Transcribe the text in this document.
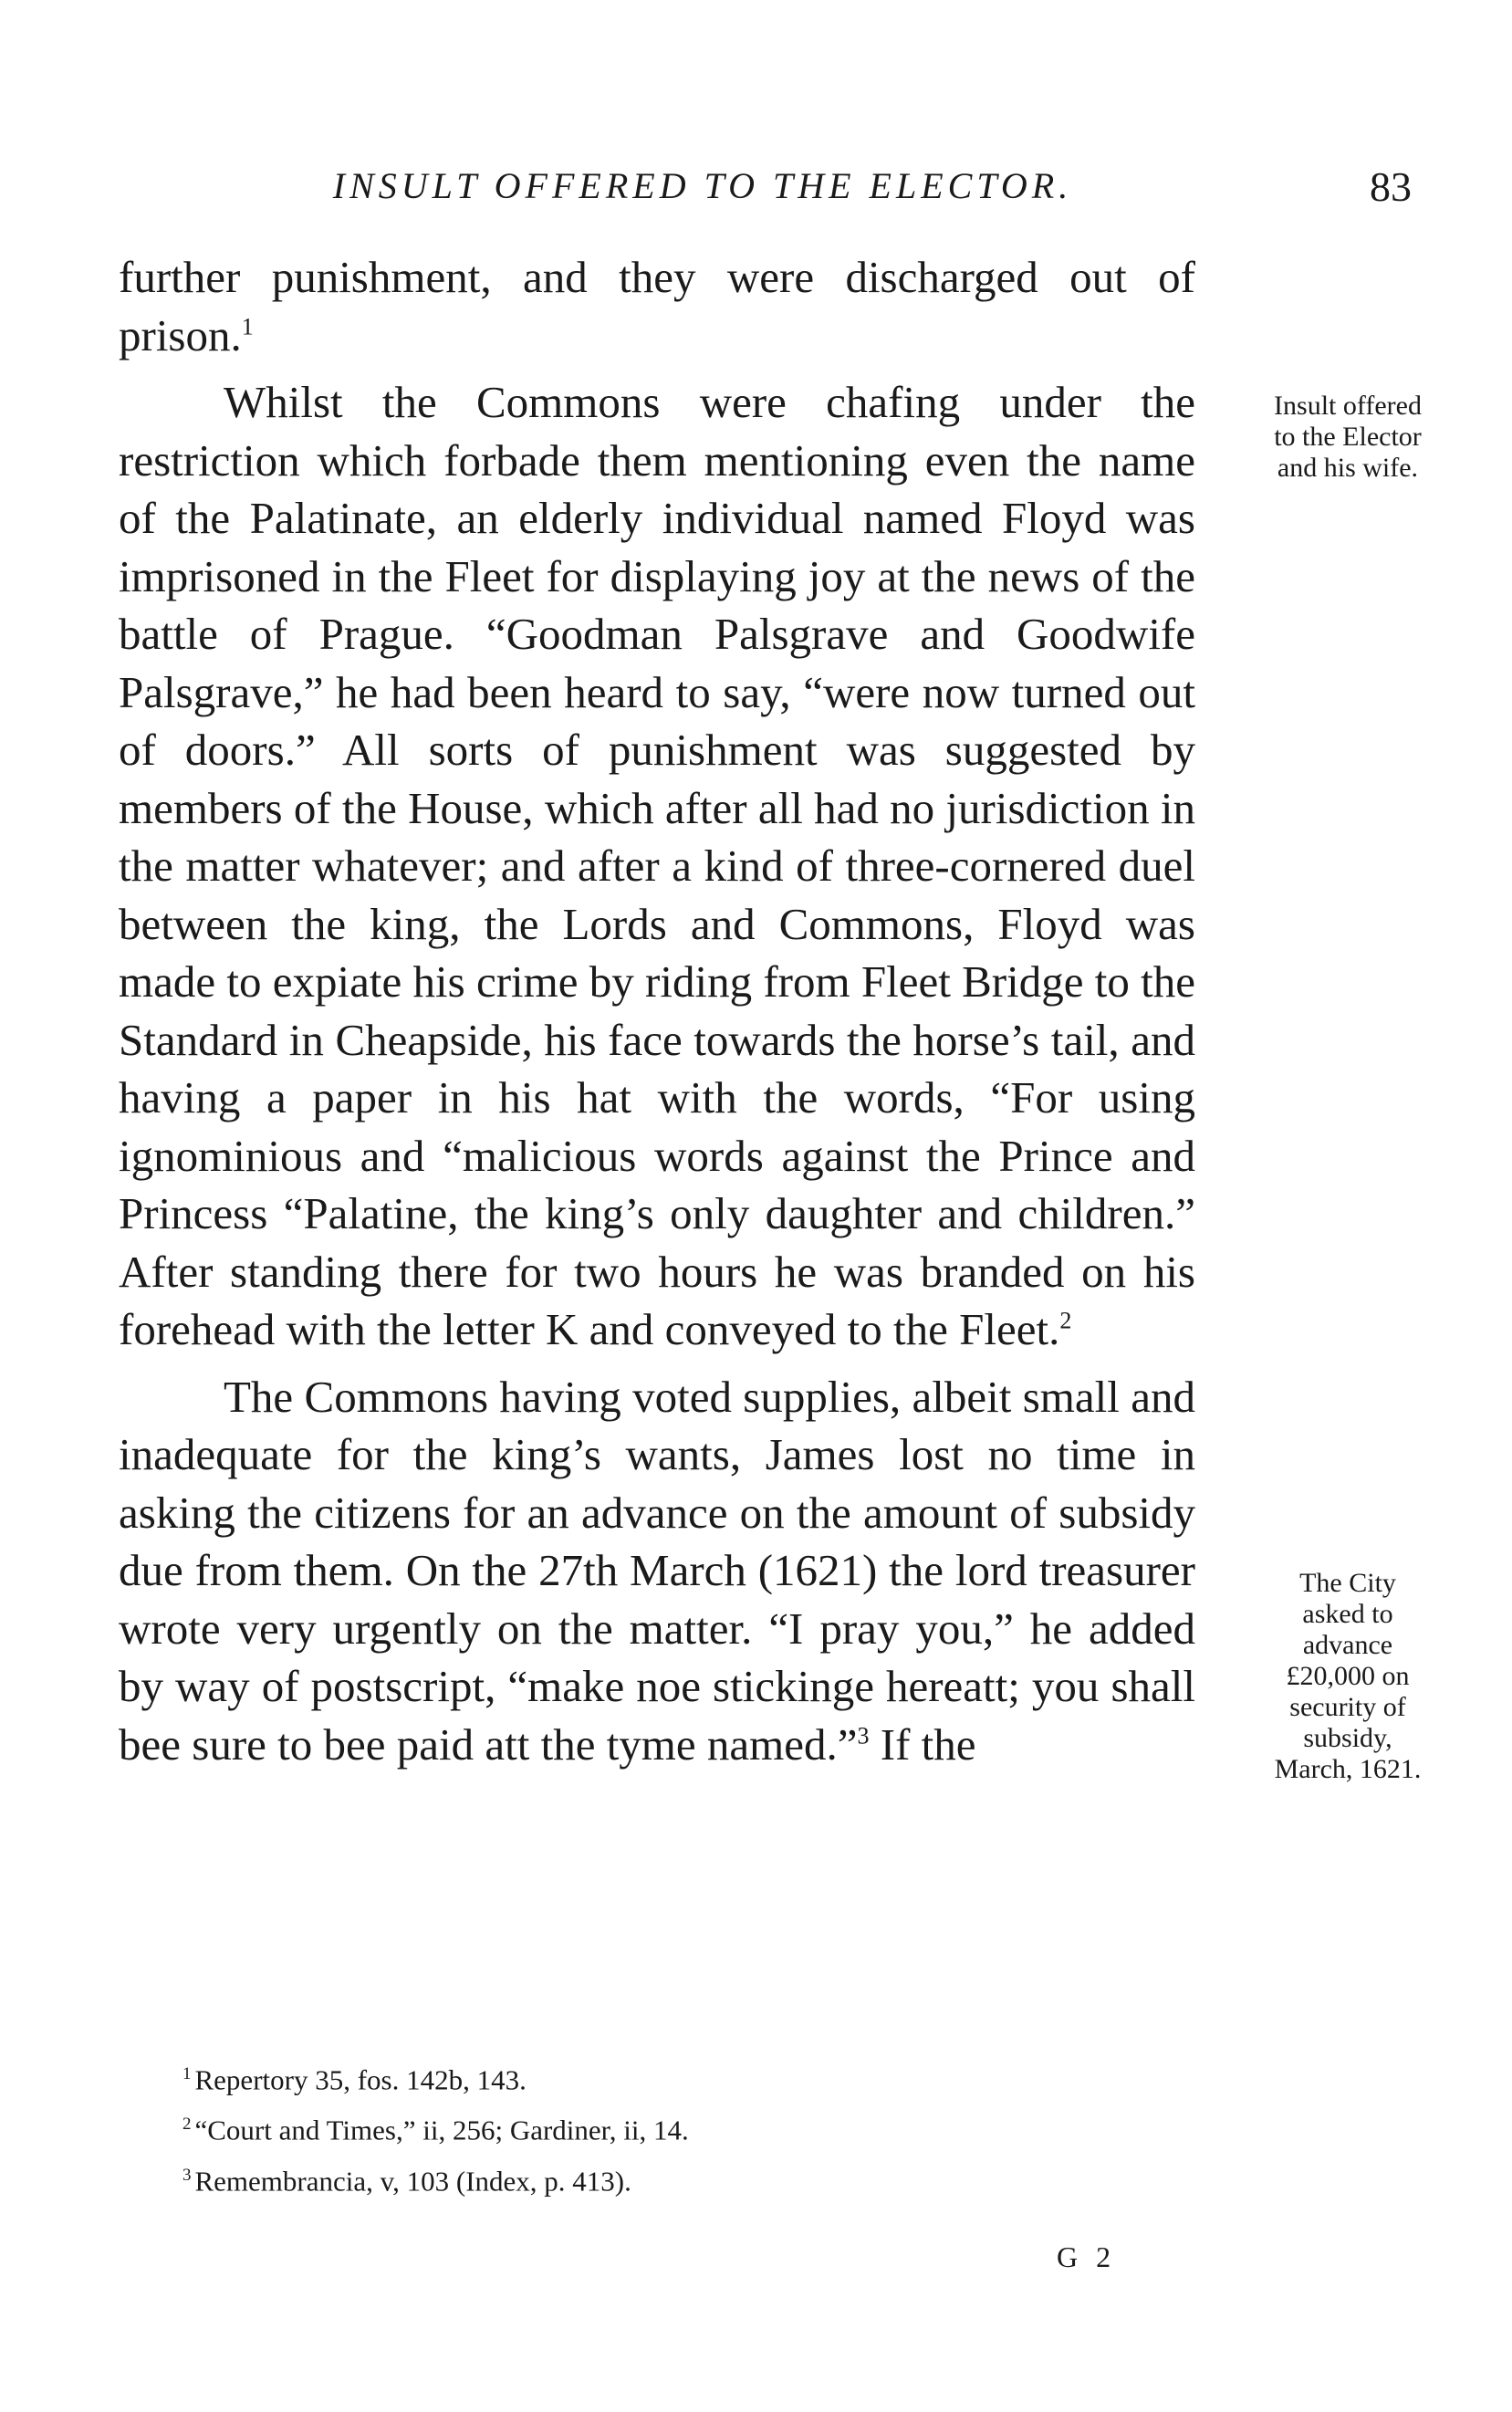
INSULT OFFERED TO THE ELECTOR.	83

further punishment, and they were discharged out of prison.$^1$

Whilst the Commons were chafing under the restriction which forbade them mentioning even the name of the Palatinate, an elderly individual named Floyd was imprisoned in the Fleet for displaying joy at the news of the battle of Prague. “Goodman Palsgrave and Goodwife Palsgrave,” he had been heard to say, “were now turned out of doors.” All sorts of punishment was suggested by members of the House, which after all had no jurisdiction in the matter whatever; and after a kind of three-cornered duel between the king, the Lords and Commons, Floyd was made to expiate his crime by riding from Fleet Bridge to the Standard in Cheapside, his face towards the horse’s tail, and having a paper in his hat with the words, “For using ignominious and “malicious words against the Prince and Princess “Palatine, the king’s only daughter and children.” After standing there for two hours he was branded on his forehead with the letter K and conveyed to the Fleet.$^2$

The Commons having voted supplies, albeit small and inadequate for the king’s wants, James lost no time in asking the citizens for an advance on the amount of subsidy due from them. On the 27th March (1621) the lord treasurer wrote very urgently on the matter. “I pray you,” he added by way of postscript, “make noe stickinge hereatt; you shall bee sure to bee paid att the tyme named.”$^3$ If the

Insult offered
to the Elector
and his wife.
The City
asked to
advance
£20,000 on
security of
subsidy,
March, 1621.

$^1$ Repertory 35, fos. 142b, 143.

$^2$ “Court and Times,” ii, 256; Gardiner, ii, 14.

$^3$ Remembrancia, v, 103 (Index, p. 413).

G 2
